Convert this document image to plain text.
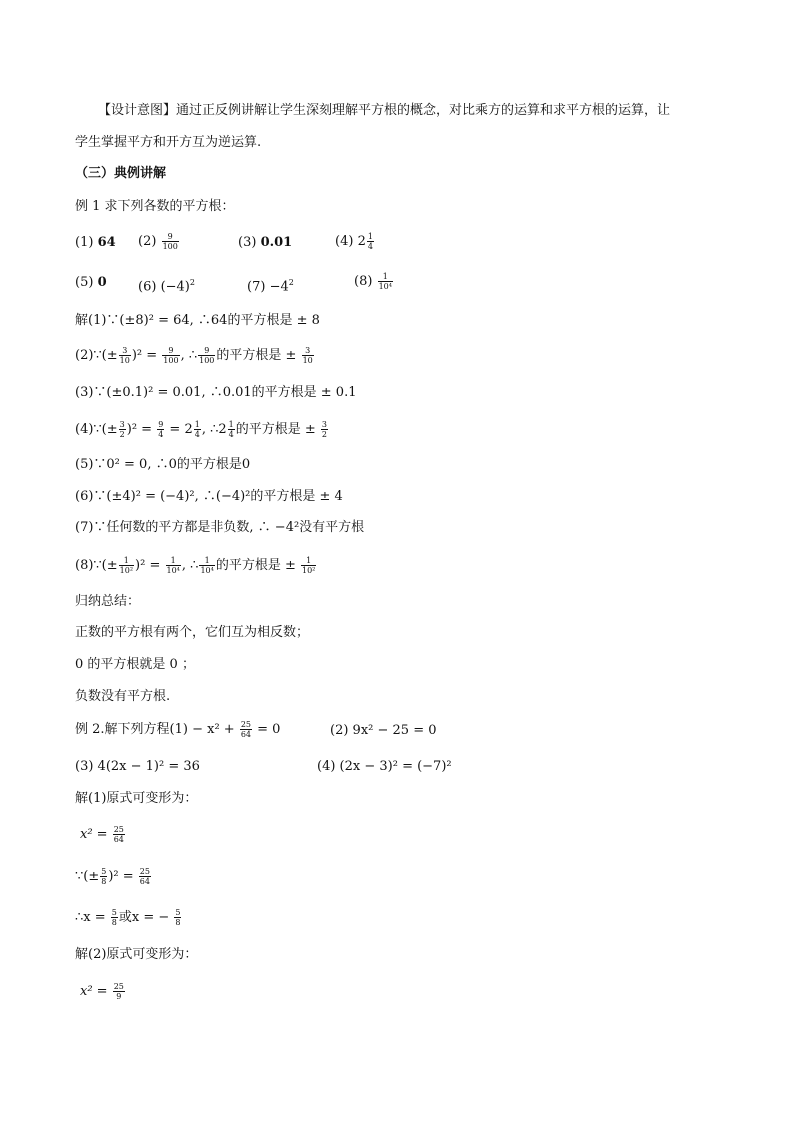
【设计意图】通过正反例讲解让学生深刻理解平方根的概念，对比乘方的运算和求平方根的运算，让
学生掌握平方和开方互为逆运算.
（三）典例讲解
例 1 求下列各数的平方根：
(1) 64 $(2) \frac{9}{100}$	(3) 0.01	(4) $2 \frac{1}{4}$
(5) 0 (6) $(-4)^2$	$(7) -4^2$	$(8) \frac{1}{\text{10⁴}}$
解(1)∵(±8)² = 64, ∴64的平方根是 ± 8
(2)∵(± $\frac{3}{10} )^2 = \frac{9}{100}$ , ∴ $\frac{9}{100}$ 的平方根是 ± $\frac{3}{10}$
(3)∵(±0.1)² = 0.01, ∴0.01的平方根是 ± 0.1
(4)∵(± $\frac{3}{2} )^2 = \frac{9}{4} = 2 \frac{1}{4}$ , ∴2 $\frac{1}{4}$ 的平方根是 ± $\frac{3}{2}$
(5)∵0² = 0, ∴0的平方根是0
(6)∵(±4)² = (−4)², ∴(−4)²的平方根是 ± 4
(7)∵任何数的平方都是非负数, ∴ −4²没有平方根
(8)∵(± $\frac{1}{\text{10²}} )^2 = \frac{1}{\text{10⁴}}$ , ∴ $\frac{1}{\text{10⁴}}$ 的平方根是 ± $\frac{1}{\text{10²}}$
归纳总结：
正数的平方根有两个，它们互为相反数；
0 的平方根就是 0 ；
负数没有平方根.
例 2.解下列方程$(1) - x^2 + \frac{25}{64} = 0$	(2) 9x² − 25 = 0
(3) 4(2x − 1)² = 36	(4) (2x − 3)² = (−7)²
解(1)原式可变形为：
$x^2 = \frac{25}{64}$
∵(± $\frac{5}{8} )^2 = \frac{25}{64}$
∴x = $\frac{5}{8}$ 或x = − $\frac{5}{8}$
解(2)原式可变形为：
$x^2 = \frac{25}{9}$
